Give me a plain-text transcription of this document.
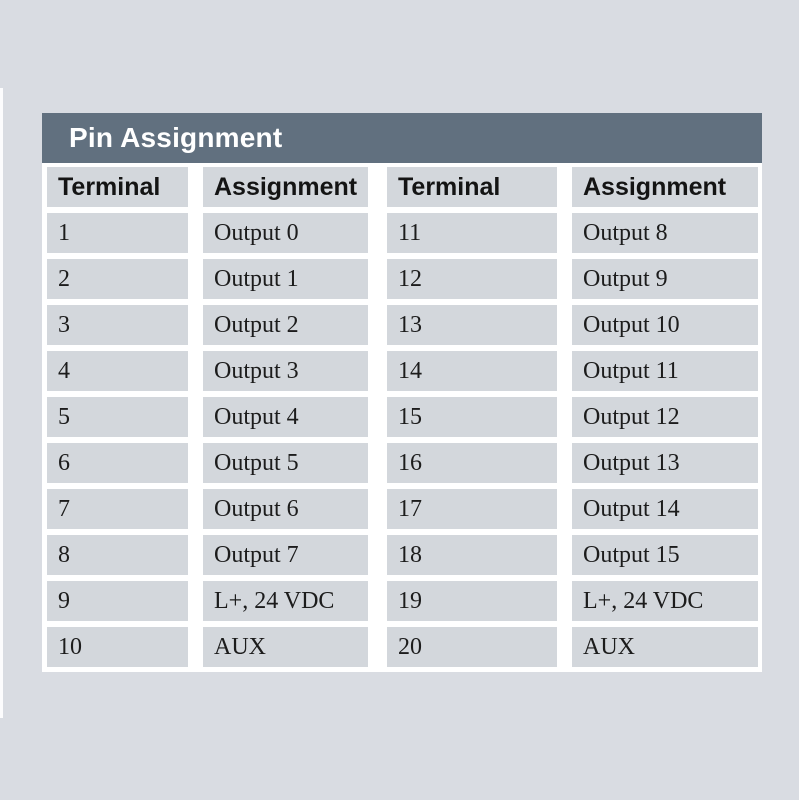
Pin Assignment
Terminal	Assignment	Terminal	Assignment
1	Output 0	11	Output 8
2	Output 1	12	Output 9
3	Output 2	13	Output 10
4	Output 3	14	Output 11
5	Output 4	15	Output 12
6	Output 5	16	Output 13
7	Output 6	17	Output 14
8	Output 7	18	Output 15
9	L+, 24 VDC	19	L+, 24 VDC
10	AUX	20	AUX
